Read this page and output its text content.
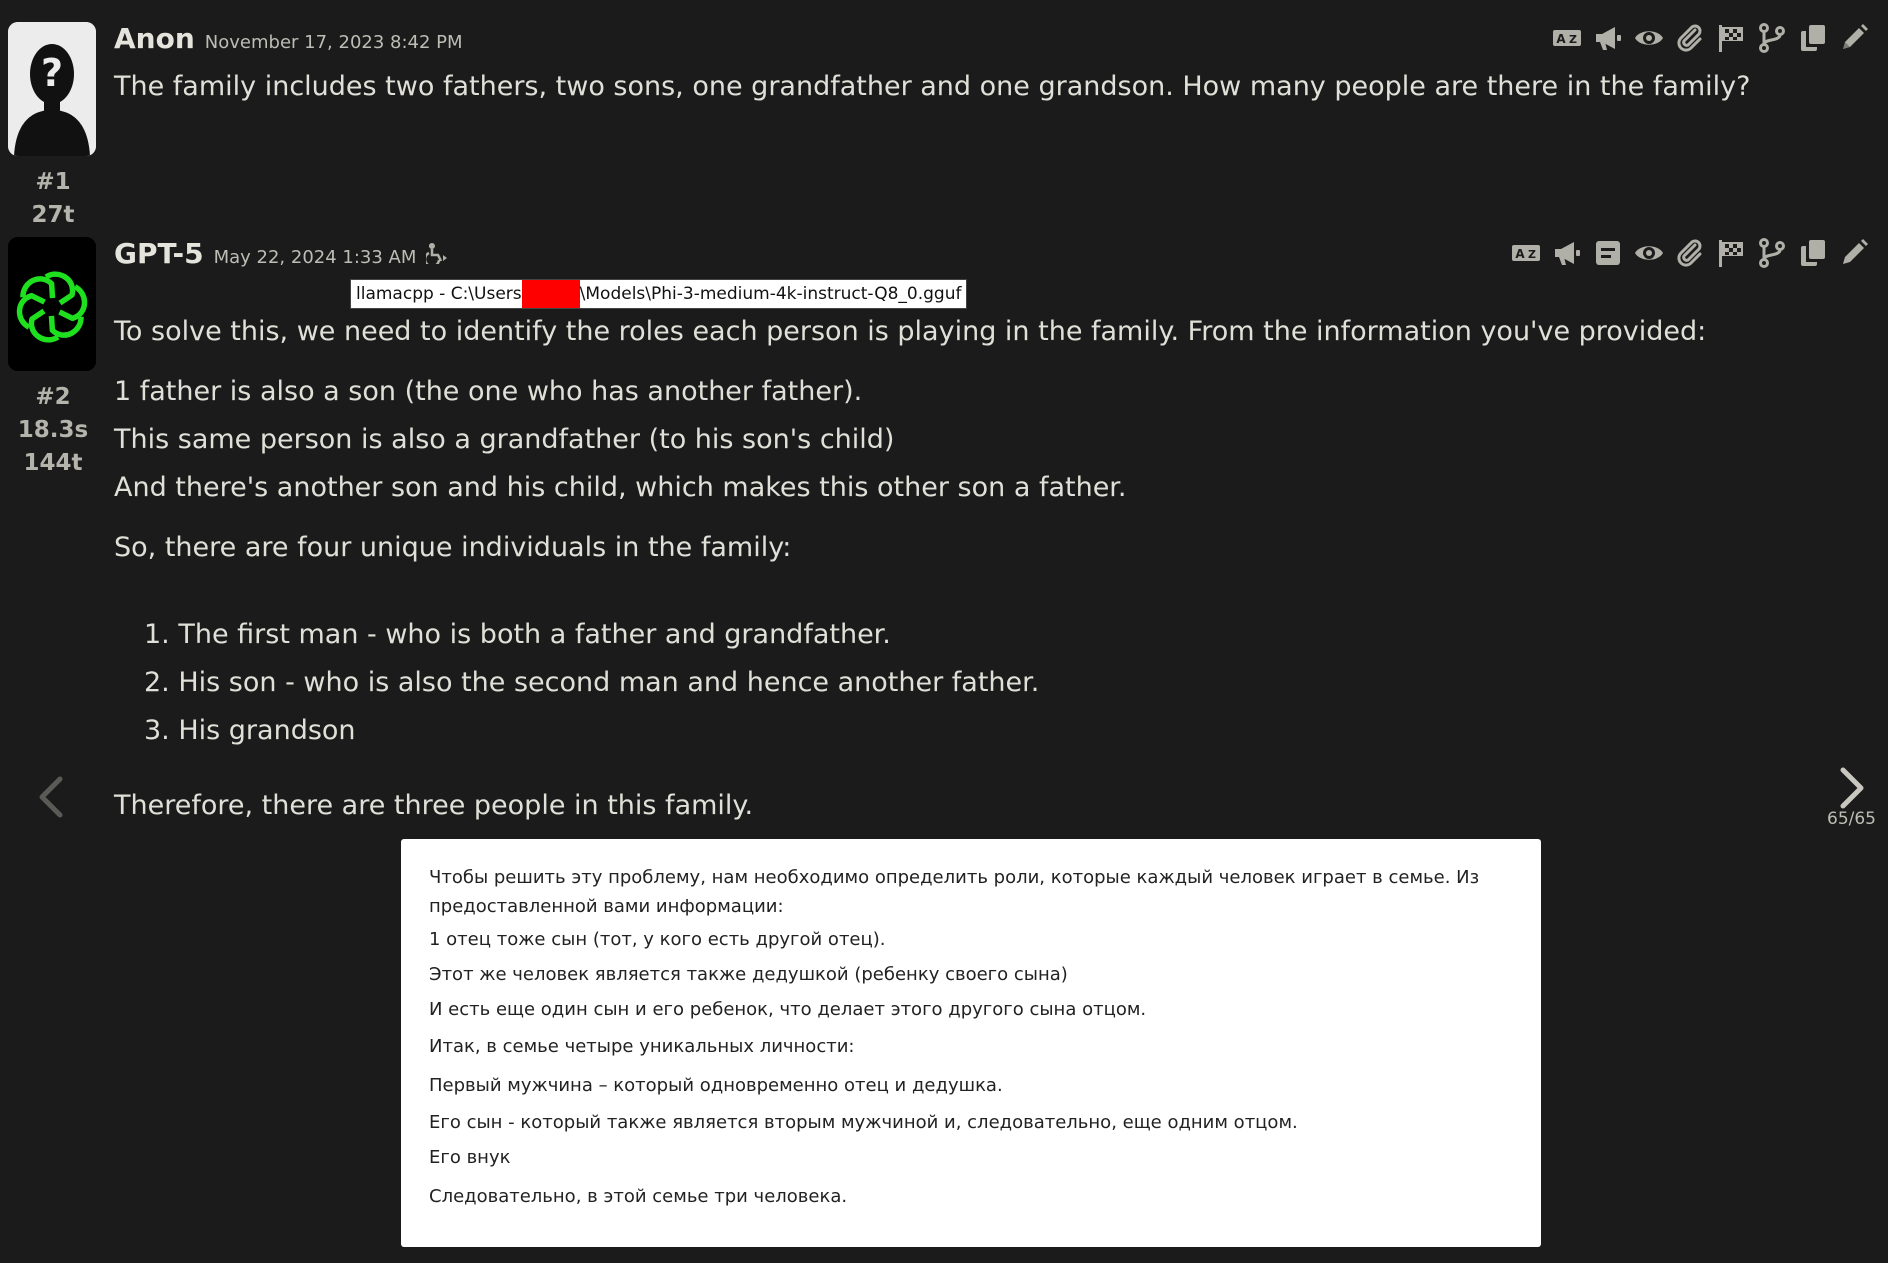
?
#1
27t
Anon November 17, 2023 8:42 PM	A Z

The family includes two fathers, two sons, one grandfather and one grandson. How many people are there in the family?

#2
18.3s
144t
GPT-5 May 22, 2024 1:33 AM
llamacpp - C:\Users	\Models\Phi-3-medium-4k-instruct-Q8_0.gguf
A Z

To solve this, we need to identify the roles each person is playing in the family. From the information you've provided:

1 father is also a son (the one who has another father).

This same person is also a grandfather (to his son's child)

And there's another son and his child, which makes this other son a father.

So, there are four unique individuals in the family:

1. The first man - who is both a father and grandfather.

2. His son - who is also the second man and hence another father.

3. His grandson

Therefore, there are three people in this family.	65/65

Чтобы решить эту проблему, нам необходимо определить роли, которые каждый человек играет в семье. Из предоставленной вами информации:

1 отец тоже сын (тот, у кого есть другой отец).

Этот же человек является также дедушкой (ребенку своего сына)

И есть еще один сын и его ребенок, что делает этого другого сына отцом.

Итак, в семье четыре уникальных личности:

Первый мужчина – который одновременно отец и дедушка.

Его сын - который также является вторым мужчиной и, следовательно, еще одним отцом.

Его внук

Следовательно, в этой семье три человека.
